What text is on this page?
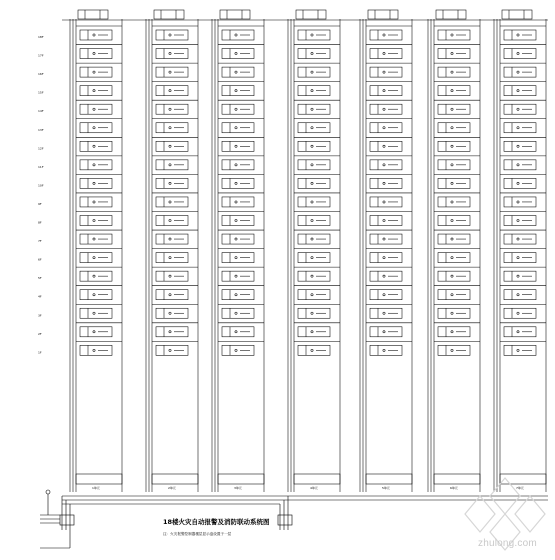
18F
17F
16F
15F
14F
13F
12F
11F
10F
9F
8F
7F
6F
5F
4F
3F
2F
1F
1单元	2单元	3单元	4单元	5单元	6单元	7单元
18楼火灾自动报警及消防联动系统图
注：火灾报警控制器楼层显示盘设置于一层
zhulong.com
